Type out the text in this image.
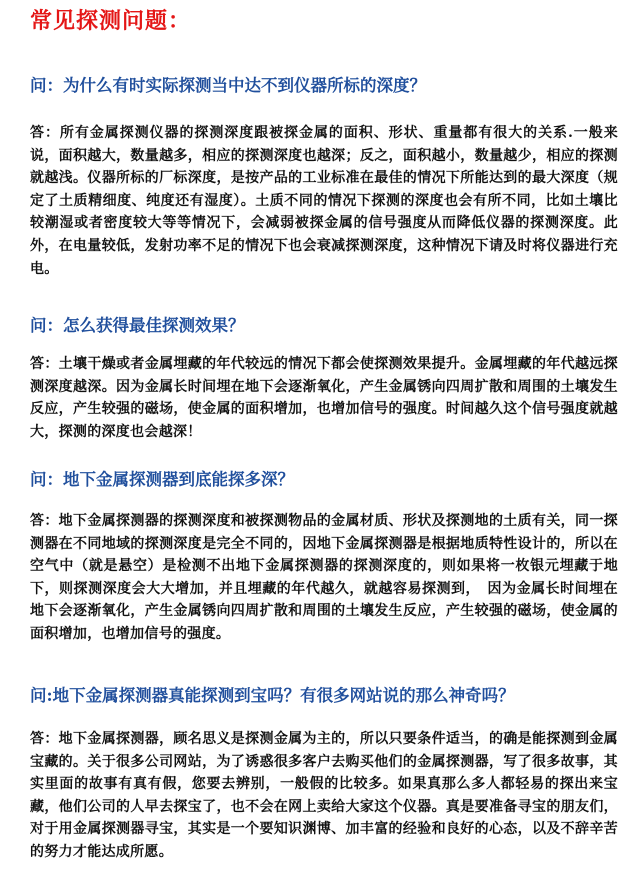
常见探测问题：
问：为什么有时实际探测当中达不到仪器所标的深度？

答：所有金属探测仪器的探测深度跟被探金属的面积、形状、重量都有很大的关系.一般来说，面积越大，数量越多，相应的探测深度也越深；反之，面积越小，数量越少，相应的探测就越浅。仪器所标的厂标深度，是按产品的工业标准在最佳的情况下所能达到的最大深度（规定了土质精细度、纯度还有湿度）。土质不同的情况下探测的深度也会有所不同，比如土壤比较潮湿或者密度较大等等情况下，会减弱被探金属的信号强度从而降低仪器的探测深度。此外，在电量较低，发射功率不足的情况下也会衰减探测深度，这种情况下请及时将仪器进行充电。

问：怎么获得最佳探测效果？

答：土壤干燥或者金属埋藏的年代较远的情况下都会使探测效果提升。金属埋藏的年代越远探测深度越深。因为金属长时间埋在地下会逐渐氧化，产生金属锈向四周扩散和周围的土壤发生反应，产生较强的磁场，使金属的面积增加，也增加信号的强度。时间越久这个信号强度就越大，探测的深度也会越深！

问：地下金属探测器到底能探多深？

答：地下金属探测器的探测深度和被探测物品的金属材质、形状及探测地的土质有关，同一探测器在不同地域的探测深度是完全不同的，因地下金属探测器是根据地质特性设计的，所以在空气中（就是悬空）是检测不出地下金属探测器的探测深度的，则如果将一枚银元埋藏于地下，则探测深度会大大增加，并且埋藏的年代越久，就越容易探测到，　因为金属长时间埋在地下会逐渐氧化，产生金属锈向四周扩散和周围的土壤发生反应，产生较强的磁场，使金属的面积增加，也增加信号的强度。

问:地下金属探测器真能探测到宝吗？有很多网站说的那么神奇吗？

答：地下金属探测器，顾名思义是探测金属为主的，所以只要条件适当，的确是能探测到金属宝藏的。关于很多公司网站，为了诱惑很多客户去购买他们的金属探测器，写了很多故事，其实里面的故事有真有假，您要去辨别，一般假的比较多。如果真那么多人都轻易的探出来宝藏，他们公司的人早去探宝了，也不会在网上卖给大家这个仪器。真是要准备寻宝的朋友们，对于用金属探测器寻宝，其实是一个要知识渊博、加丰富的经验和良好的心态，以及不辞辛苦的努力才能达成所愿。
